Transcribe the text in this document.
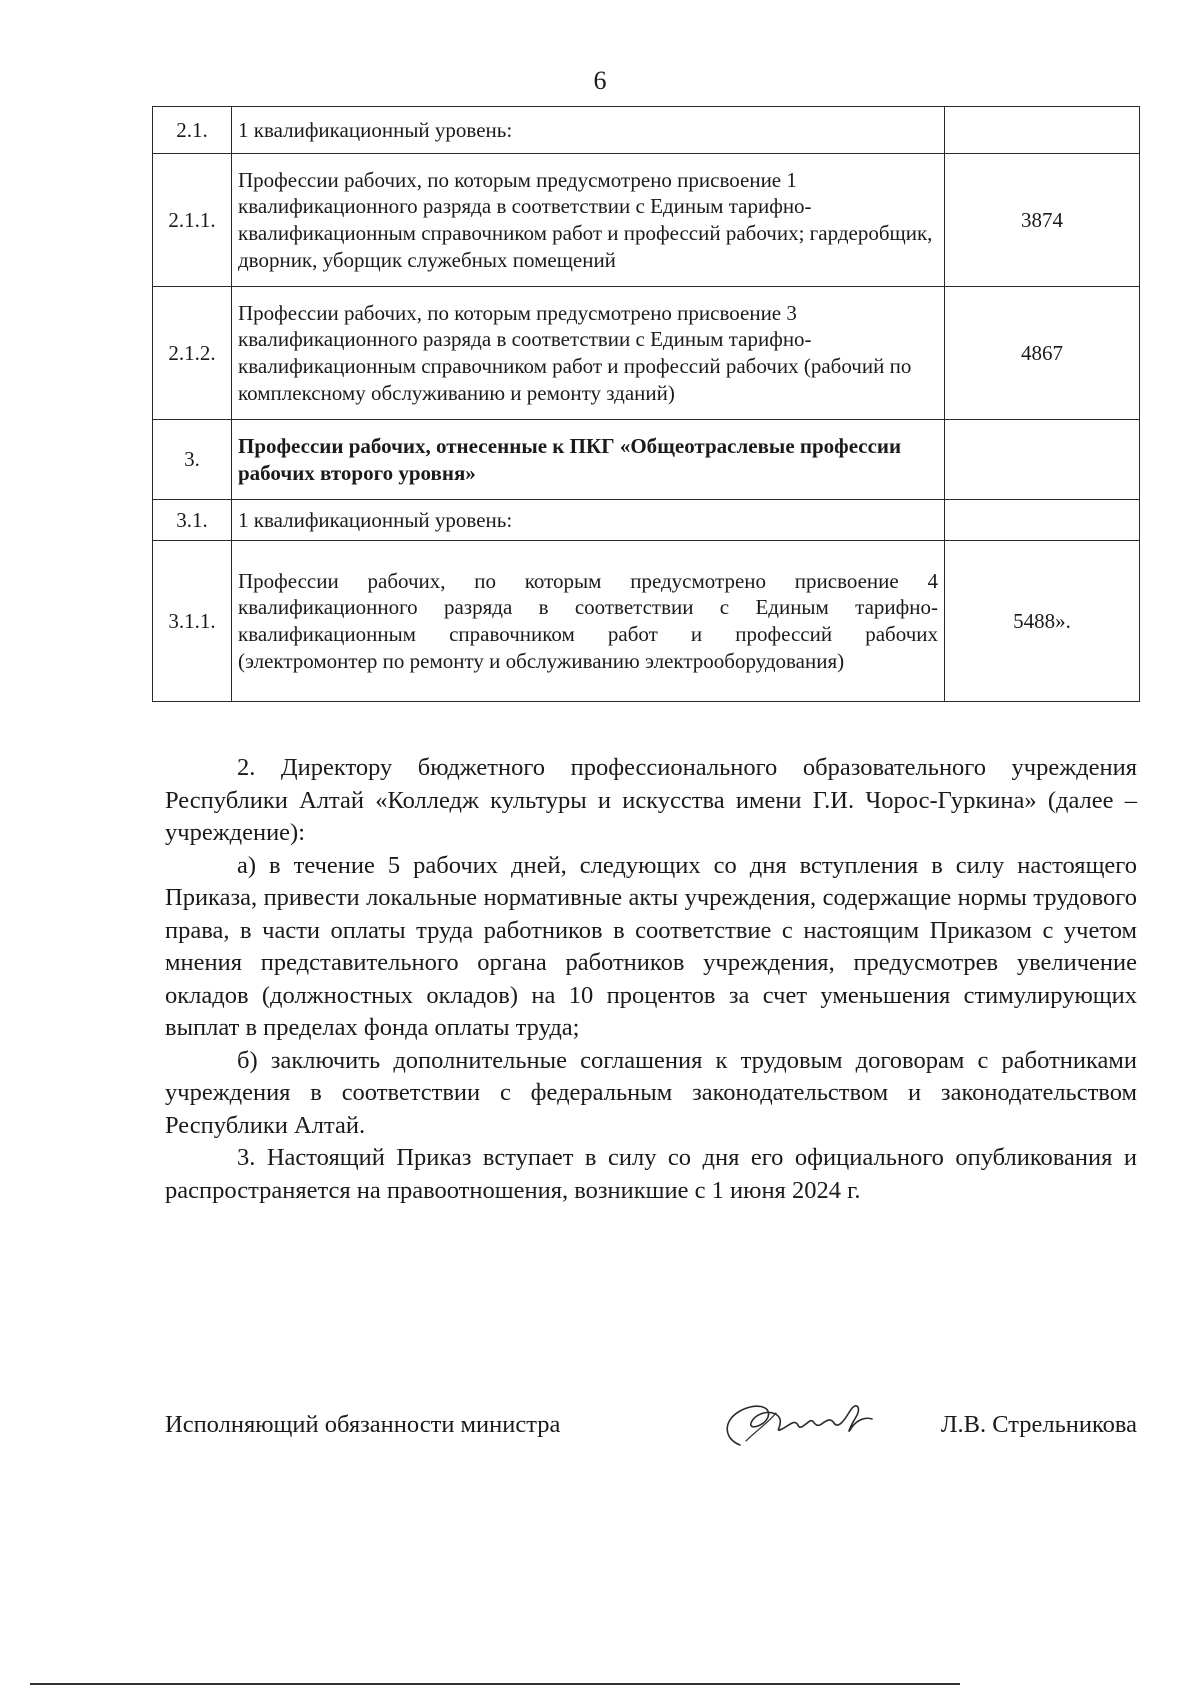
6
2.1.	1 квалификационный уровень:	
2.1.1.	Профессии рабочих, по которым предусмотрено присвоение 1 квалификационного разряда в соответствии с Единым тарифно-квалификационным справочником работ и профессий рабочих; гардеробщик, дворник, уборщик служебных помещений	3874
2.1.2.	Профессии рабочих, по которым предусмотрено присвоение 3 квалификационного разряда в соответствии с Единым тарифно-квалификационным справочником работ и профессий рабочих (рабочий по комплексному обслуживанию и ремонту зданий)	4867
3.	Профессии рабочих, отнесенные к ПКГ «Общеотраслевые профессии рабочих второго уровня»	
3.1.	1 квалификационный уровень:	
3.1.1.	Профессии рабочих, по которым предусмотрено присвоение 4 квалификационного разряда в соответствии с Единым тарифно-квалификационным справочником работ и профессий рабочих (электромонтер по ремонту и обслуживанию электрооборудования)	5488».

2. Директору бюджетного профессионального образовательного учреждения Республики Алтай «Колледж культуры и искусства имени Г.И. Чорос-Гуркина» (далее – учреждение):

а) в течение 5 рабочих дней, следующих со дня вступления в силу настоящего Приказа, привести локальные нормативные акты учреждения, содержащие нормы трудового права, в части оплаты труда работников в соответствие с настоящим Приказом с учетом мнения представительного органа работников учреждения, предусмотрев увеличение окладов (должностных окладов) на 10 процентов за счет уменьшения стимулирующих выплат в пределах фонда оплаты труда;

б) заключить дополнительные соглашения к трудовым договорам с работниками учреждения в соответствии с федеральным законодательством и законодательством Республики Алтай.

3. Настоящий Приказ вступает в силу со дня его официального опубликования и распространяется на правоотношения, возникшие с 1 июня 2024 г.

Исполняющий обязанности министра	Л.В. Стрельникова
